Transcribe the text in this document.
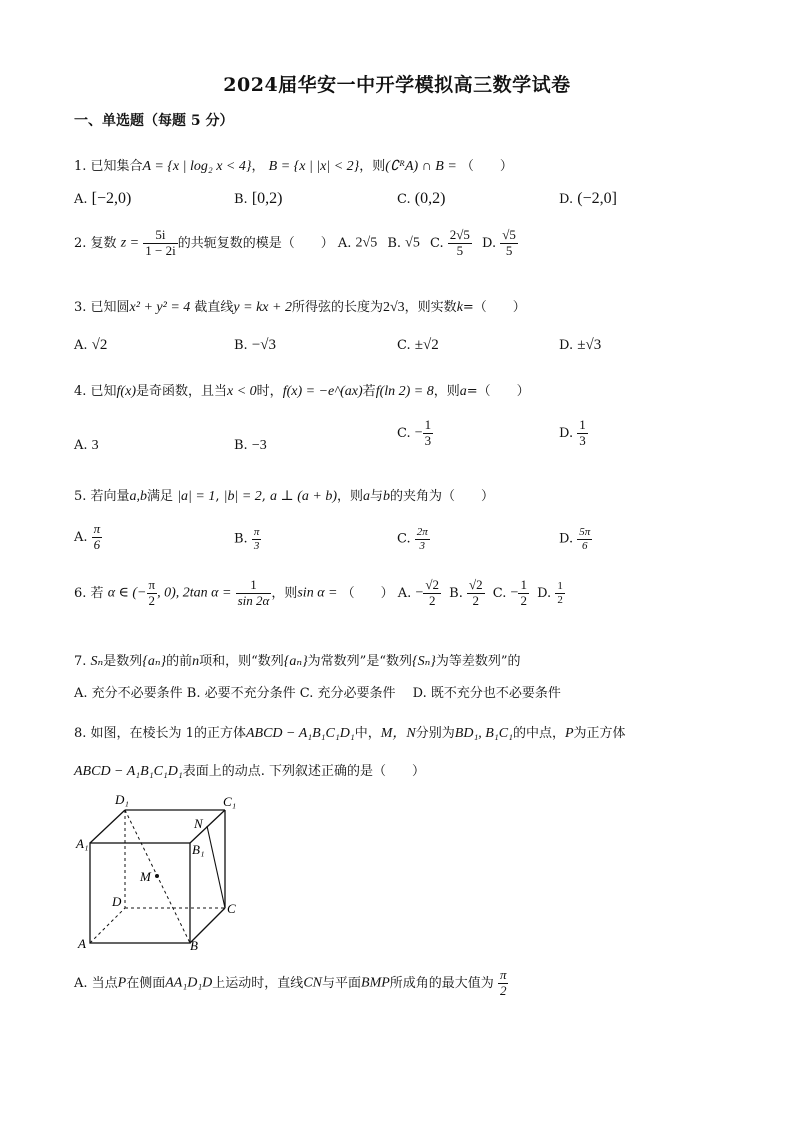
2024届华安一中开学模拟高三数学试卷
一、单选题（每题 5 分）
1. 已知集合A = {x | log₂ x < 4}， B = {x | |x| < 2}，则(∁ᴿA) ∩ B = （　　）
A. [−2,0)	B. [0,2)	C. (0,2)	D. (−2,0]
2. 复数 $z = \frac{5i}{1 - 2i}$ 的共轭复数的模是（　　） A. 2√5 B. √5 C. $\frac{2√5}{5} D$. $\frac{√5}{5}$
3. 已知圆x² + y² = 4 截直线y = kx + 2所得弦的长度为2√3，则实数k=（　　）
A. √2	B. −√3	C. ±√2	D. ±√3
4. 已知f(x)是奇函数，且当x < 0时，f(x) = −e^(ax)若f(ln 2) = 8，则a=（　　）
A. 3	B. −3
C. − $\frac{1}{3}$	D. $\frac{1}{3}$
5. 若向量a,b满足 |a| = 1, |b| = 2, a ⊥ (a + b)，则a与b的夹角为（　　）
A. $\frac{\pi}{6}$	B. $\frac{\pi}{3}$	C. $\frac{2\pi}{3}$	D. $\frac{5\pi}{6}$
6. 若 α ∈ (− $\frac{\pi}{2}$ , 0), 2tan $\alpha = \frac{1}{\sin 2\alpha}$ ，则sin α = （　　） A. − $\frac{√2}{2} B$. $\frac{√2}{2} C$. − $\frac{1}{2} D$. $\frac{1}{2}$
7. Sₙ是数列{aₙ}的前n项和，则“数列{aₙ}为常数列”是“数列{Sₙ}为等差数列”的
A. 充分不必要条件 B. 必要不充分条件 C. 充分必要条件　 D. 既不充分也不必要条件
8. 如图，在棱长为 1的正方体ABCD − A₁B₁C₁D₁中，M，N分别为BD₁, B₁C₁的中点，P为正方体
ABCD − A₁B₁C₁D₁表面上的动点. 下列叙述正确的是（　　）
A₁
D₁	C₁
N
B₁
M
D	C
A	B
A. 当点P在侧面AA₁D₁D上运动时，直线CN与平面BMP所成角的最大值为 $\frac{\pi}{2}$
